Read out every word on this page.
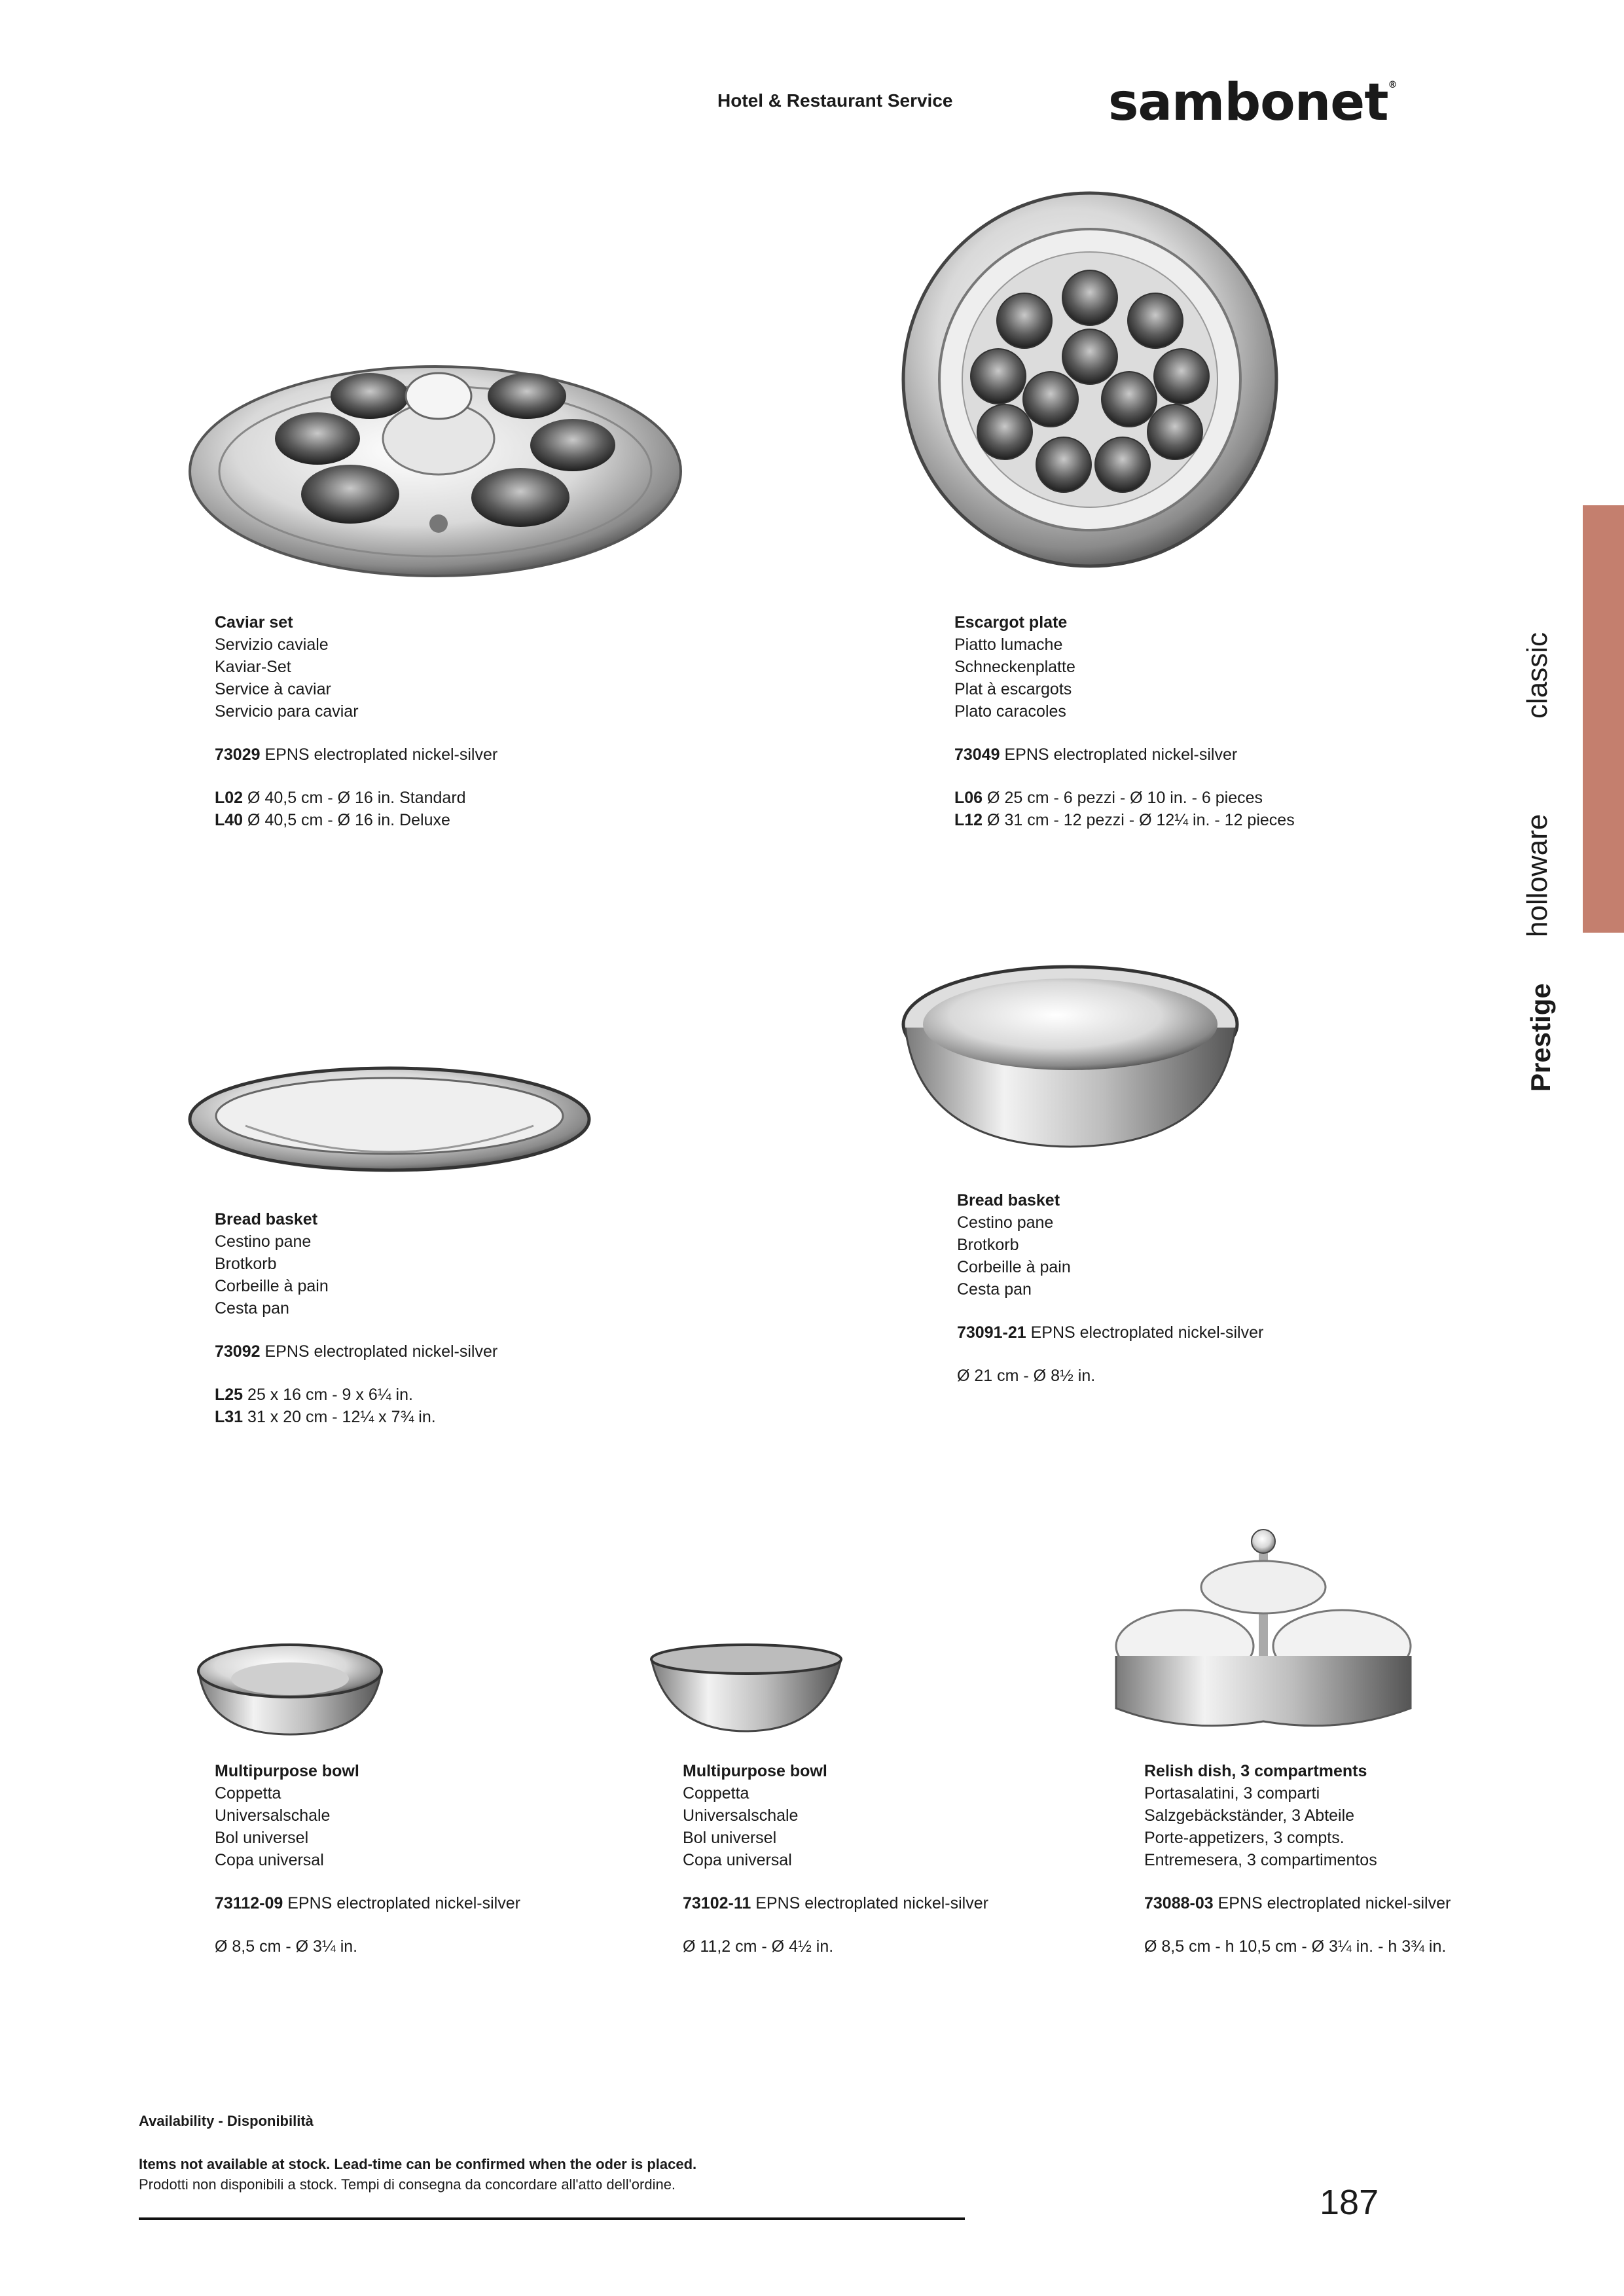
Hotel & Restaurant Service	sambonet®
Prestige
holloware
classic
Caviar set
Servizio caviale
Kaviar-Set
Service à caviar
Servicio para caviar
73029 EPNS electroplated nickel-silver
L02 Ø 40,5 cm - Ø 16 in. Standard
L40 Ø 40,5 cm - Ø 16 in. Deluxe
Escargot plate
Piatto lumache
Schneckenplatte
Plat à escargots
Plato caracoles
73049 EPNS electroplated nickel-silver
L06 Ø 25 cm - 6 pezzi - Ø 10 in. - 6 pieces
L12 Ø 31 cm - 12 pezzi - Ø 12¼ in. - 12 pieces
Bread basket
Cestino pane
Brotkorb
Corbeille à pain
Cesta pan
73092 EPNS electroplated nickel-silver
L25 25 x 16 cm - 9 x 6¼ in.
L31 31 x 20 cm - 12¼ x 7¾ in.
Bread basket
Cestino pane
Brotkorb
Corbeille à pain
Cesta pan
73091-21 EPNS electroplated nickel-silver
Ø 21 cm - Ø 8½ in.
Multipurpose bowl
Coppetta
Universalschale
Bol universel
Copa universal
73112-09 EPNS electroplated nickel-silver
Ø 8,5 cm - Ø 3¼ in.
Multipurpose bowl
Coppetta
Universalschale
Bol universel
Copa universal
73102-11 EPNS electroplated nickel-silver
Ø 11,2 cm - Ø 4½ in.
Relish dish, 3 compartments
Portasalatini, 3 comparti
Salzgebäckständer, 3 Abteile
Porte-appetizers, 3 compts.
Entremesera, 3 compartimentos
73088-03 EPNS electroplated nickel-silver
Ø 8,5 cm - h 10,5 cm - Ø 3¼ in. - h 3¾ in.
Availability - Disponibilità
Items not available at stock. Lead-time can be confirmed when the oder is placed.
Prodotti non disponibili a stock. Tempi di consegna da concordare all'atto dell'ordine.	187
